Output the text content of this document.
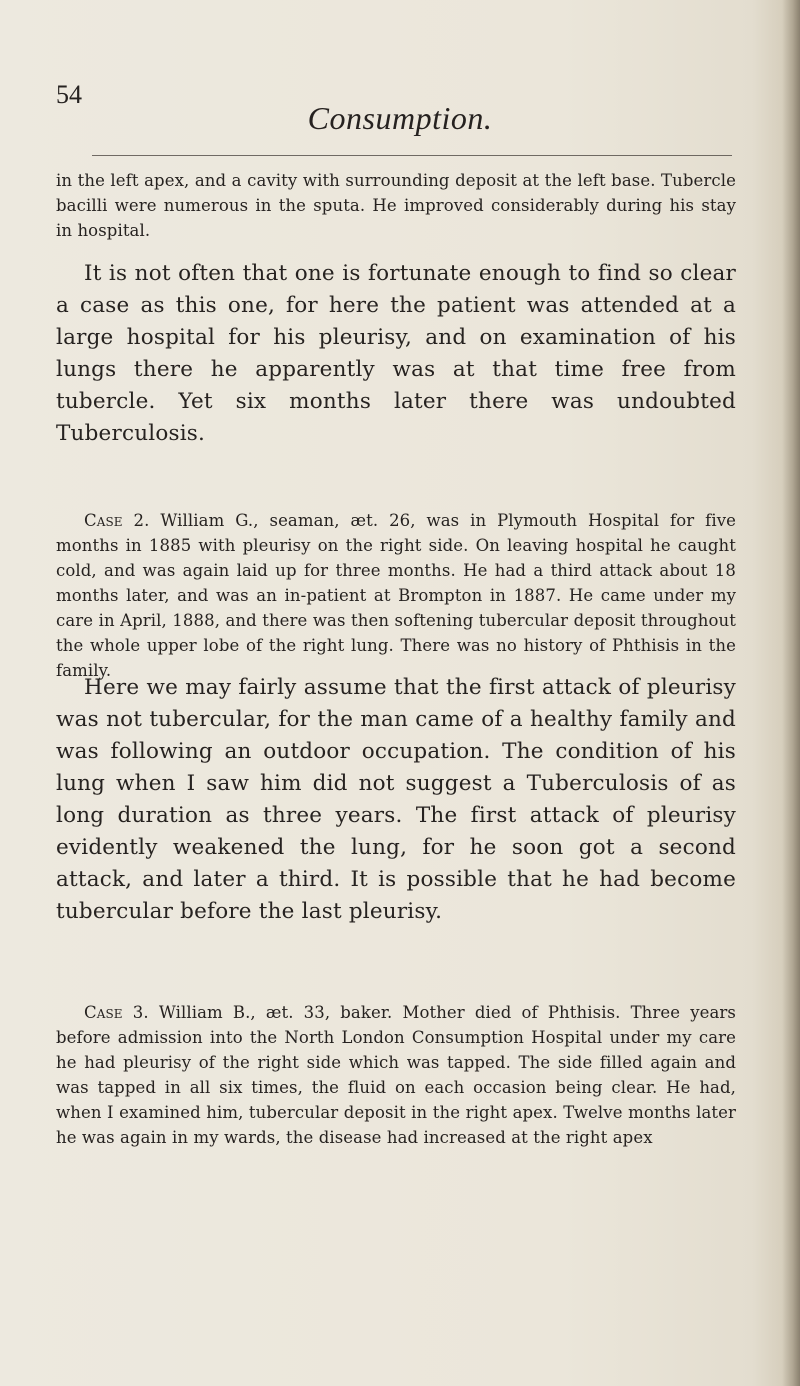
54
Consumption.

in the left apex, and a cavity with surrounding deposit at the left base. Tubercle bacilli were numerous in the sputa. He improved considerably during his stay in hospital.

It is not often that one is fortunate enough to find so clear a case as this one, for here the patient was attended at a large hospital for his pleurisy, and on examination of his lungs there he apparently was at that time free from tubercle. Yet six months later there was undoubted Tuberculosis.

Case 2. William G., seaman, æt. 26, was in Plymouth Hospital for five months in 1885 with pleurisy on the right side. On leaving hospital he caught cold, and was again laid up for three months. He had a third attack about 18 months later, and was an in-patient at Brompton in 1887. He came under my care in April, 1888, and there was then softening tubercular deposit throughout the whole upper lobe of the right lung. There was no history of Phthisis in the family.

Here we may fairly assume that the first attack of pleurisy was not tubercular, for the man came of a healthy family and was following an outdoor occupation. The condition of his lung when I saw him did not suggest a Tuberculosis of as long duration as three years. The first attack of pleurisy evidently weakened the lung, for he soon got a second attack, and later a third. It is possible that he had become tubercular before the last pleurisy.

Case 3. William B., æt. 33, baker. Mother died of Phthisis. Three years before admission into the North London Consumption Hospital under my care he had pleurisy of the right side which was tapped. The side filled again and was tapped in all six times, the fluid on each occasion being clear. He had, when I examined him, tubercular deposit in the right apex. Twelve months later he was again in my wards, the disease had increased at the right apex
